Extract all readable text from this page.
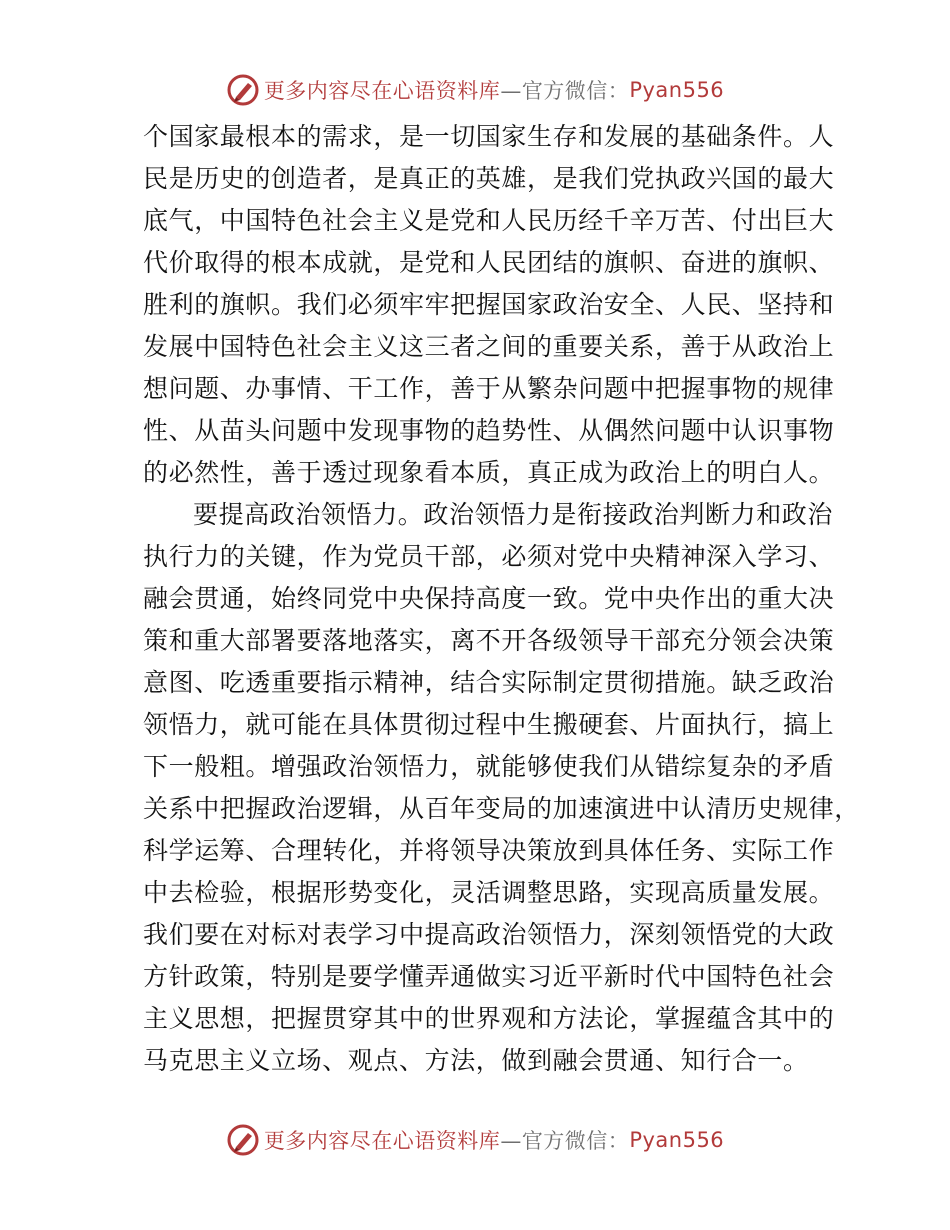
更多内容尽在心语资料库 —官方微信： Pyan556

个国家最根本的需求，是一切国家生存和发展的基础条件。人
民是历史的创造者，是真正的英雄，是我们党执政兴国的最大
底气，中国特色社会主义是党和人民历经千辛万苦、付出巨大
代价取得的根本成就，是党和人民团结的旗帜、奋进的旗帜、
胜利的旗帜。我们必须牢牢把握国家政治安全、人民、坚持和
发展中国特色社会主义这三者之间的重要关系，善于从政治上
想问题、办事情、干工作，善于从繁杂问题中把握事物的规律
性、从苗头问题中发现事物的趋势性、从偶然问题中认识事物
的必然性，善于透过现象看本质，真正成为政治上的明白人。

要提高政治领悟力。政治领悟力是衔接政治判断力和政治
执行力的关键，作为党员干部，必须对党中央精神深入学习、
融会贯通，始终同党中央保持高度一致。党中央作出的重大决
策和重大部署要落地落实，离不开各级领导干部充分领会决策
意图、吃透重要指示精神，结合实际制定贯彻措施。缺乏政治
领悟力，就可能在具体贯彻过程中生搬硬套、片面执行，搞上
下一般粗。增强政治领悟力，就能够使我们从错综复杂的矛盾
关系中把握政治逻辑，从百年变局的加速演进中认清历史规律，
科学运筹、合理转化，并将领导决策放到具体任务、实际工作
中去检验，根据形势变化，灵活调整思路，实现高质量发展。
我们要在对标对表学习中提高政治领悟力，深刻领悟党的大政
方针政策，特别是要学懂弄通做实习近平新时代中国特色社会
主义思想，把握贯穿其中的世界观和方法论，掌握蕴含其中的
马克思主义立场、观点、方法，做到融会贯通、知行合一。

更多内容尽在心语资料库 —官方微信： Pyan556
